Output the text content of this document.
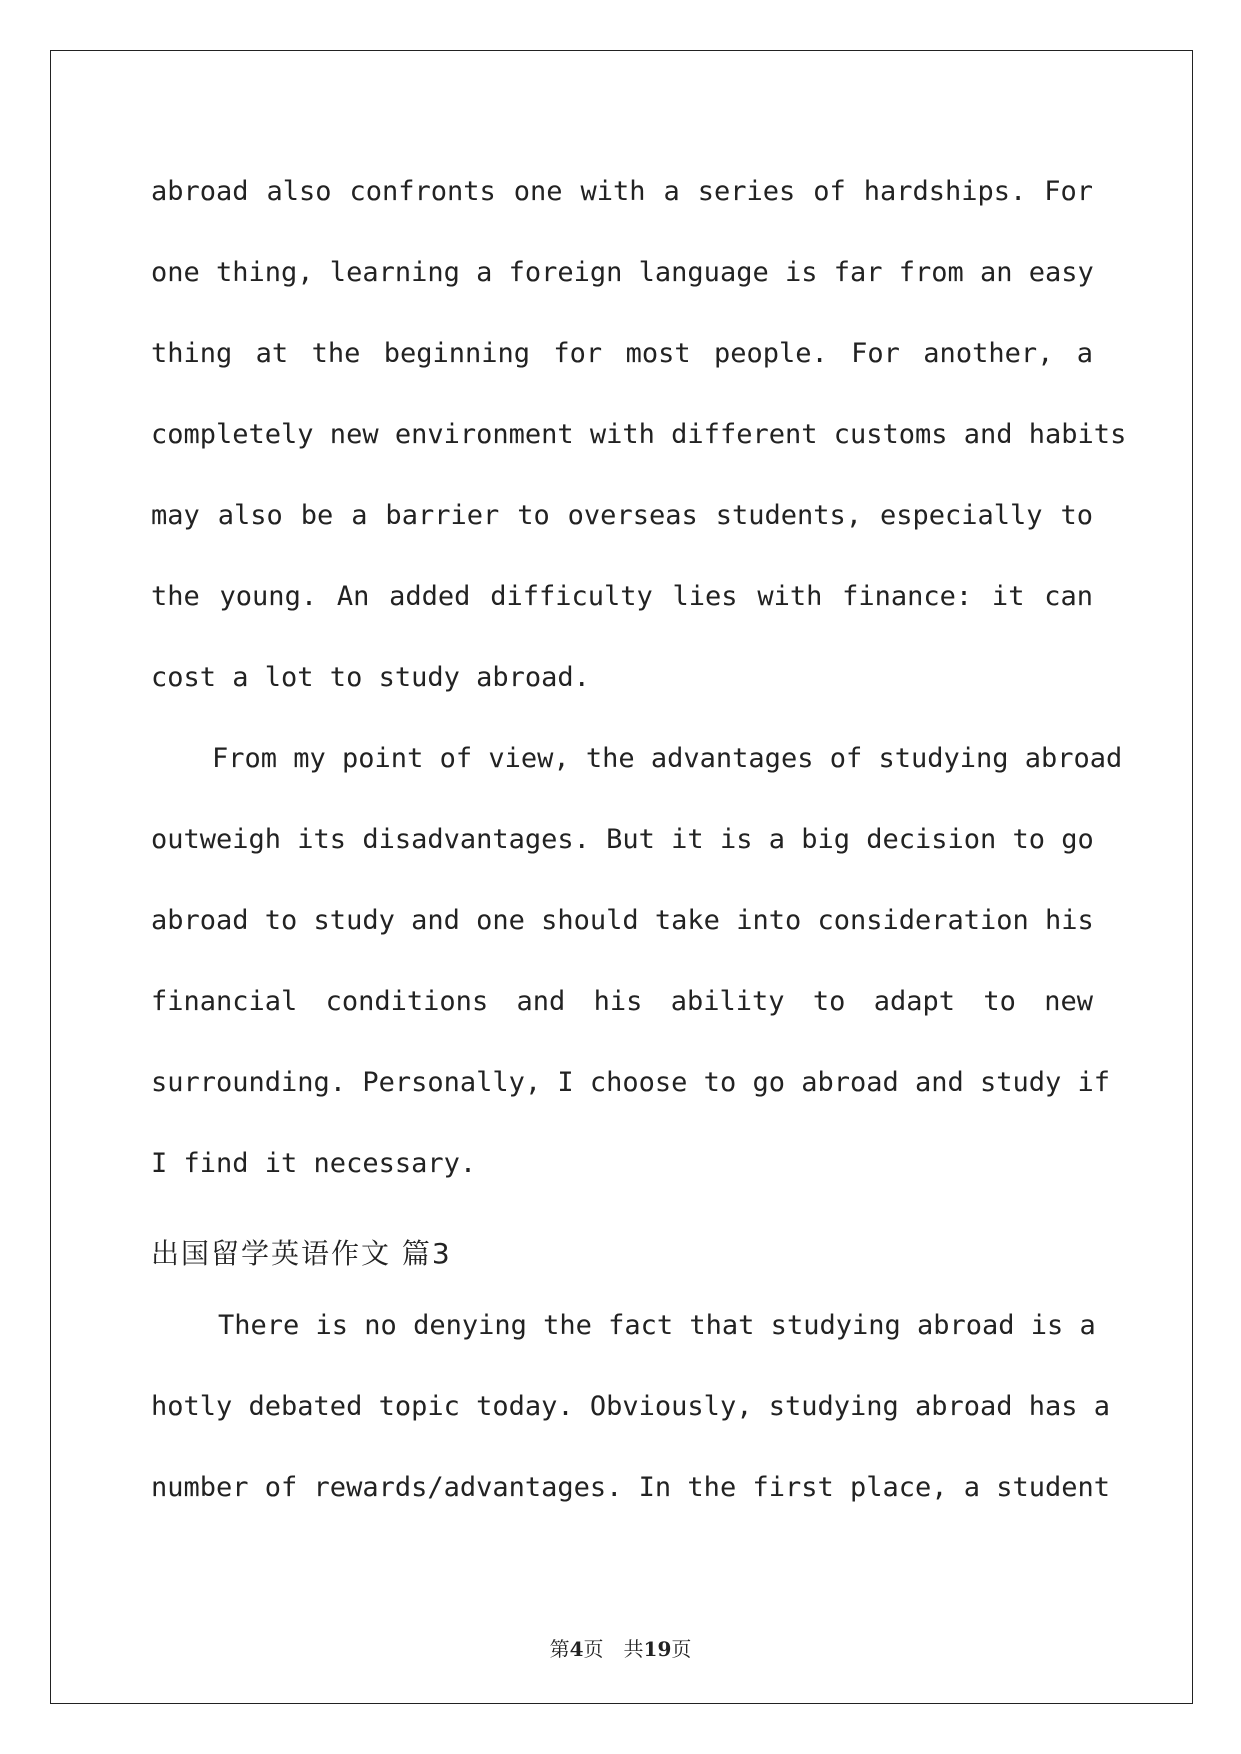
abroad also confronts one with a series of hardships. For
one thing, learning a foreign language is far from an easy
thing at the beginning for most people. For another, a
completely new environment with different customs and habits
may also be a barrier to overseas students, especially to
the young. An added difficulty lies with finance: it can
cost a lot to study abroad.
From my point of view, the advantages of studying abroad
outweigh its disadvantages. But it is a big decision to go
abroad to study and one should take into consideration his
financial conditions and his ability to adapt to new
surrounding. Personally, I choose to go abroad and study if
I find it necessary.
出国留学英语作文 篇3
There is no denying the fact that studying abroad is a
hotly debated topic today. Obviously, studying abroad has a
number of rewards/advantages. In the first place, a student
第4页　共19页
